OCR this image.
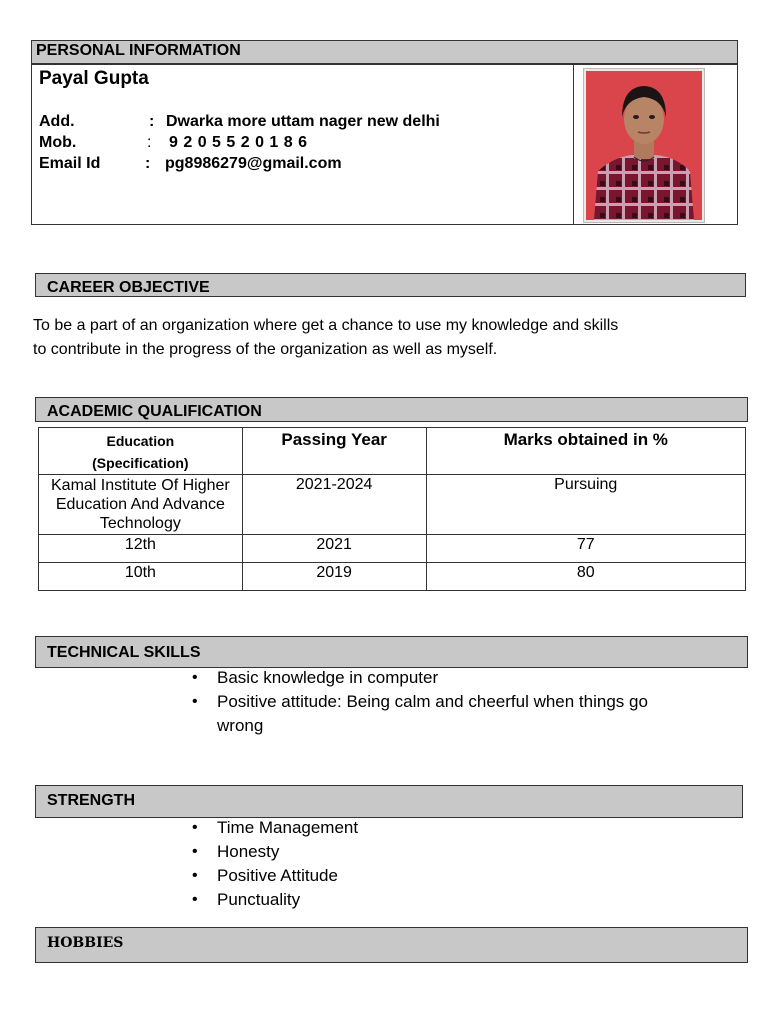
PERSONAL INFORMATION
Payal Gupta
Add.	: Dwarka more uttam nager new delhi
Mob.	: 9 2 0 5 5 2 0 1 8 6
Email Id	: pg8986279@gmail.com
CAREER OBJECTIVE
To be a part of an organization where get a chance to use my knowledge and skills to contribute in the progress of the organization as well as myself.
ACADEMIC QUALIFICATION
Education
(Specification)	Passing Year	Marks obtained in %
Kamal Institute Of Higher Education And Advance Technology	2021-2024	Pursuing
12th	2021	77
10th	2019	80
TECHNICAL SKILLS
• Basic knowledge in computer
• Positive attitude: Being calm and cheerful when things go wrong
STRENGTH
• Time Management
• Honesty
• Positive Attitude
• Punctuality
HOBBIES
